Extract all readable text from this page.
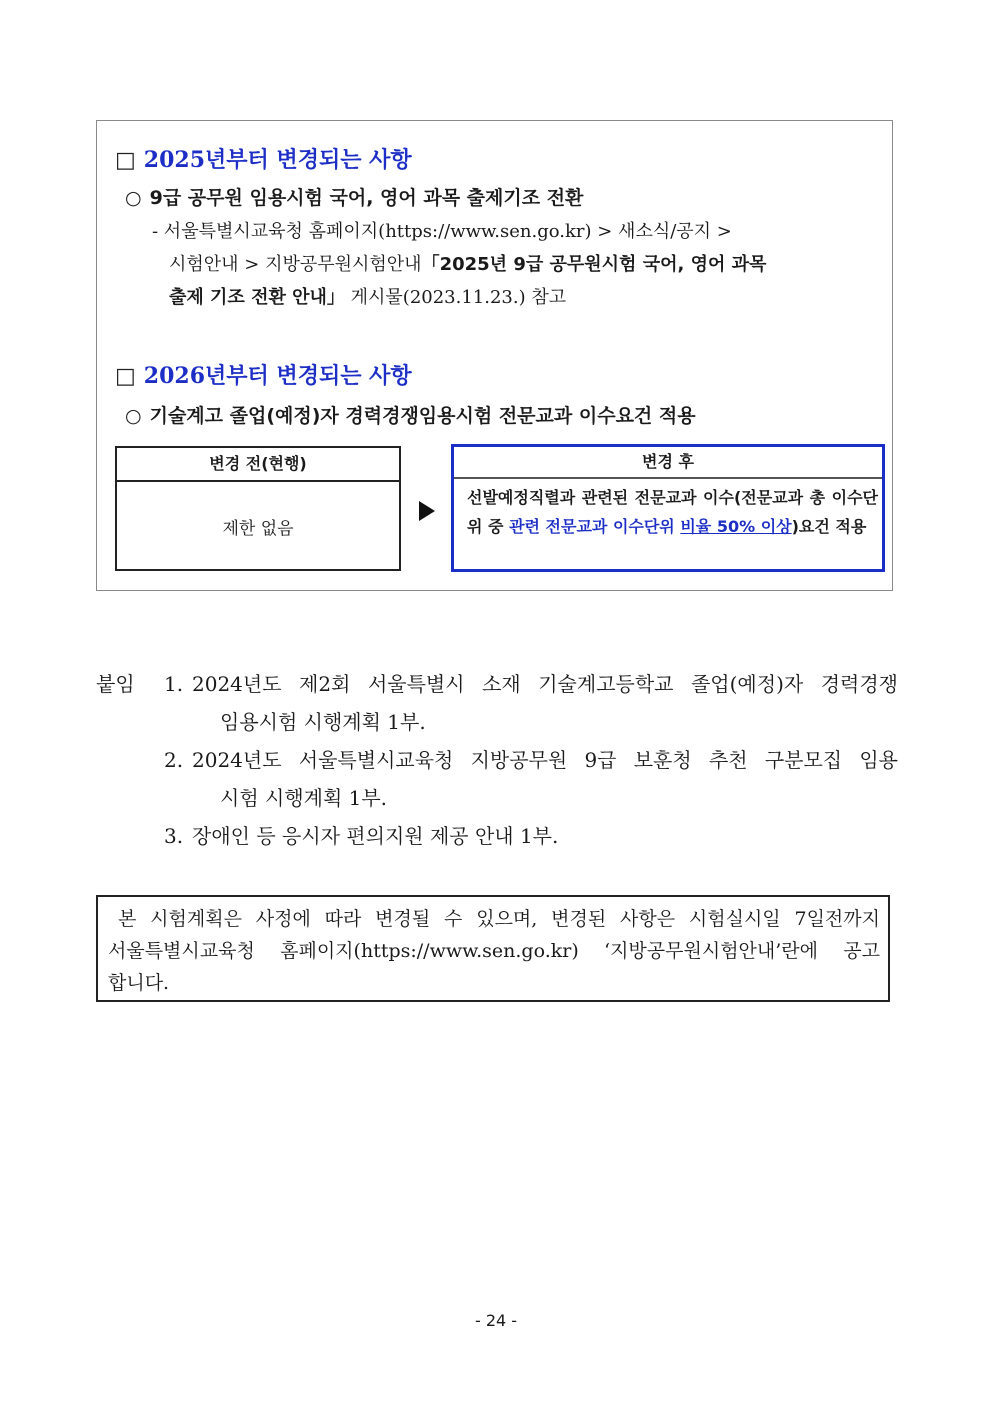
□ 2025년부터 변경되는 사항
○ 9급 공무원 임용시험 국어, 영어 과목 출제기조 전환
- 서울특별시교육청 홈페이지(https://www.sen.go.kr) > 새소식/공지 >
시험안내 > 지방공무원시험안내「2025년 9급 공무원시험 국어, 영어 과목
출제 기조 전환 안내」 게시물(2023.11.23.) 참고
□ 2026년부터 변경되는 사항
○ 기술계고 졸업(예정)자 경력경쟁임용시험 전문교과 이수요건 적용
변경 전(현행)
제한 없음
변경 후
선발예정직렬과 관련된 전문교과 이수(전문교과 총 이수단위 중 관련 전문교과 이수단위 비율 50% 이상)요건 적용
붙임 1. 2024년도 제2회 서울특별시 소재 기술계고등학교 졸업(예정)자 경력경쟁
임용시험 시행계획 1부.
2. 2024년도 서울특별시교육청 지방공무원 9급 보훈청 추천 구분모집 임용
시험 시행계획 1부.
3. 장애인 등 응시자 편의지원 제공 안내 1부.
본 시험계획은 사정에 따라 변경될 수 있으며, 변경된 사항은 시험실시일 7일전까지
서울특별시교육청 홈페이지(https://www.sen.go.kr) ‘지방공무원시험안내’란에 공고
합니다.
- 24 -
